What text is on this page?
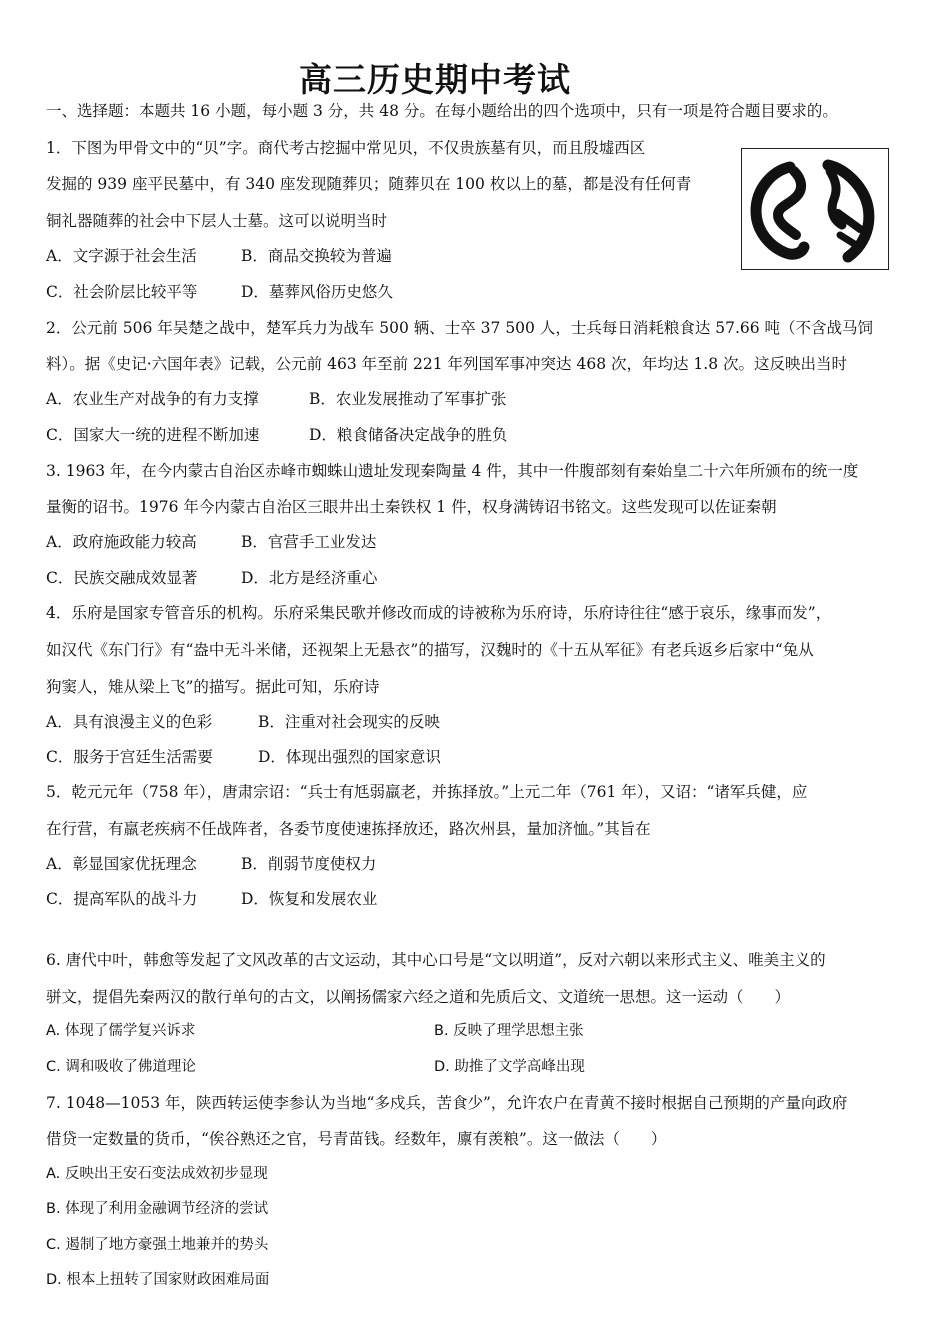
高三历史期中考试
一、选择题：本题共 16 小题，每小题 3 分，共 48 分。在每小题给出的四个选项中，只有一项是符合题目要求的。
1．下图为甲骨文中的“贝”字。商代考古挖掘中常见贝，不仅贵族墓有贝，而且殷墟西区
发掘的 939 座平民墓中，有 340 座发现随葬贝；随葬贝在 100 枚以上的墓，都是没有任何青
铜礼器随葬的社会中下层人士墓。这可以说明当时
A．文字源于社会生活	B．商品交换较为普遍
C．社会阶层比较平等	D．墓葬风俗历史悠久
2．公元前 506 年吴楚之战中，楚军兵力为战车 500 辆、士卒 37 500 人，士兵每日消耗粮食达 57.66 吨（不含战马饲
料）。据《史记·六国年表》记载，公元前 463 年至前 221 年列国军事冲突达 468 次，年均达 1.8 次。这反映出当时
A．农业生产对战争的有力支撑	B．农业发展推动了军事扩张
C．国家大一统的进程不断加速	D．粮食储备决定战争的胜负
3. 1963 年，在今内蒙古自治区赤峰市蜘蛛山遗址发现秦陶量 4 件，其中一件腹部刻有秦始皇二十六年所颁布的统一度
量衡的诏书。1976 年今内蒙古自治区三眼井出土秦铁权 1 件，权身满铸诏书铭文。这些发现可以佐证秦朝
A．政府施政能力较高	B．官营手工业发达
C．民族交融成效显著	D．北方是经济重心
4．乐府是国家专管音乐的机构。乐府采集民歌并修改而成的诗被称为乐府诗，乐府诗往往“感于哀乐，缘事而发”，
如汉代《东门行》有“盎中无斗米储，还视架上无悬衣”的描写，汉魏时的《十五从军征》有老兵返乡后家中“兔从
狗窦人，雉从梁上飞”的描写。据此可知，乐府诗
A．具有浪漫主义的色彩	B．注重对社会现实的反映
C．服务于宫廷生活需要	D．体现出强烈的国家意识
5．乾元元年（758 年），唐肃宗诏：“兵士有尪弱羸老，并拣择放。”上元二年（761 年），又诏：“诸军兵健，应
在行营，有羸老疾病不任战阵者，各委节度使速拣择放还，路次州县，量加济恤。”其旨在
A．彰显国家优抚理念	B．削弱节度使权力
C．提高军队的战斗力	D．恢复和发展农业
6. 唐代中叶，韩愈等发起了文风改革的古文运动，其中心口号是“文以明道”，反对六朝以来形式主义、唯美主义的
骈文，提倡先秦两汉的散行单句的古文，以阐扬儒家六经之道和先质后文、文道统一思想。这一运动（　　）
A. 体现了儒学复兴诉求	B. 反映了理学思想主张
C. 调和吸收了佛道理论	D. 助推了文学高峰出现
7. 1048—1053 年，陕西转运使李参认为当地“多戍兵，苦食少”，允许农户在青黄不接时根据自己预期的产量向政府
借贷一定数量的货币，“俟谷熟还之官，号青苗钱。经数年，廪有羡粮”。这一做法（　　）
A. 反映出王安石变法成效初步显现
B. 体现了利用金融调节经济的尝试
C. 遏制了地方豪强土地兼并的势头
D. 根本上扭转了国家财政困难局面
